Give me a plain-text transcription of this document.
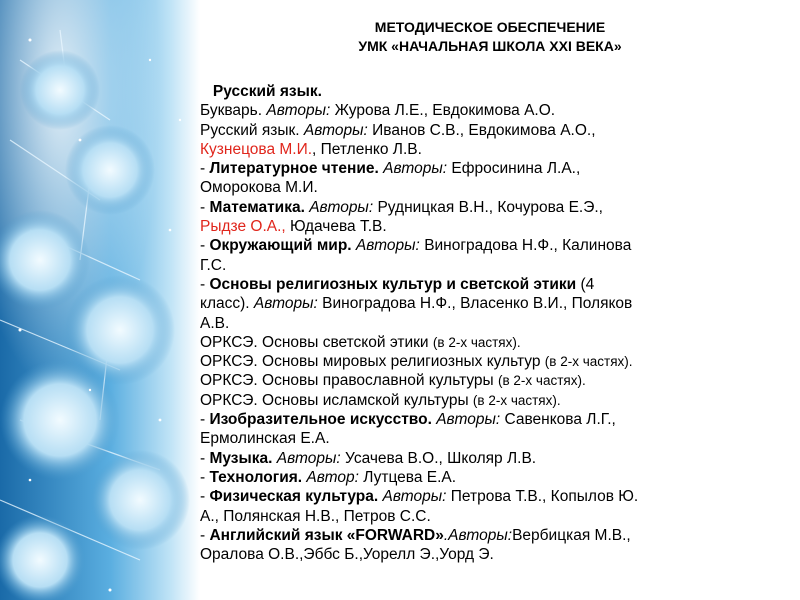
МЕТОДИЧЕСКОЕ ОБЕСПЕЧЕНИЕ
УМК «НАЧАЛЬНАЯ ШКОЛА XXI ВЕКА»
Русский язык.
Букварь. Авторы: Журова Л.Е., Евдокимова А.О.
Русский язык. Авторы: Иванов С.В., Евдокимова А.О.,
Кузнецова М.И., Петленко Л.В.
- Литературное чтение. Авторы: Ефросинина Л.А.,
Оморокова М.И.
- Математика. Авторы: Рудницкая В.Н., Кочурова Е.Э.,
Рыдзе О.А., Юдачева Т.В.
- Окружающий мир. Авторы: Виноградова Н.Ф., Калинова
Г.С.
- Основы религиозных культур и светской этики (4
класс). Авторы: Виноградова Н.Ф., Власенко В.И., Поляков
А.В.
ОРКСЭ. Основы светской этики (в 2-х частях).
ОРКСЭ. Основы мировых религиозных культур (в 2-х частях).
ОРКСЭ. Основы православной культуры (в 2-х частях).
ОРКСЭ. Основы исламской культуры (в 2-х частях).
- Изобразительное искусство. Авторы: Савенкова Л.Г.,
Ермолинская Е.А.
- Музыка. Авторы: Усачева В.О., Школяр Л.В.
- Технология. Автор: Лутцева Е.А.
- Физическая культура. Авторы: Петрова Т.В., Копылов Ю.
А., Полянская Н.В., Петров С.С.
- Английский язык «FORWARD».Авторы:Вербицкая М.В.,
Оралова О.В.,Эббс Б.,Уорелл Э.,Уорд Э.
